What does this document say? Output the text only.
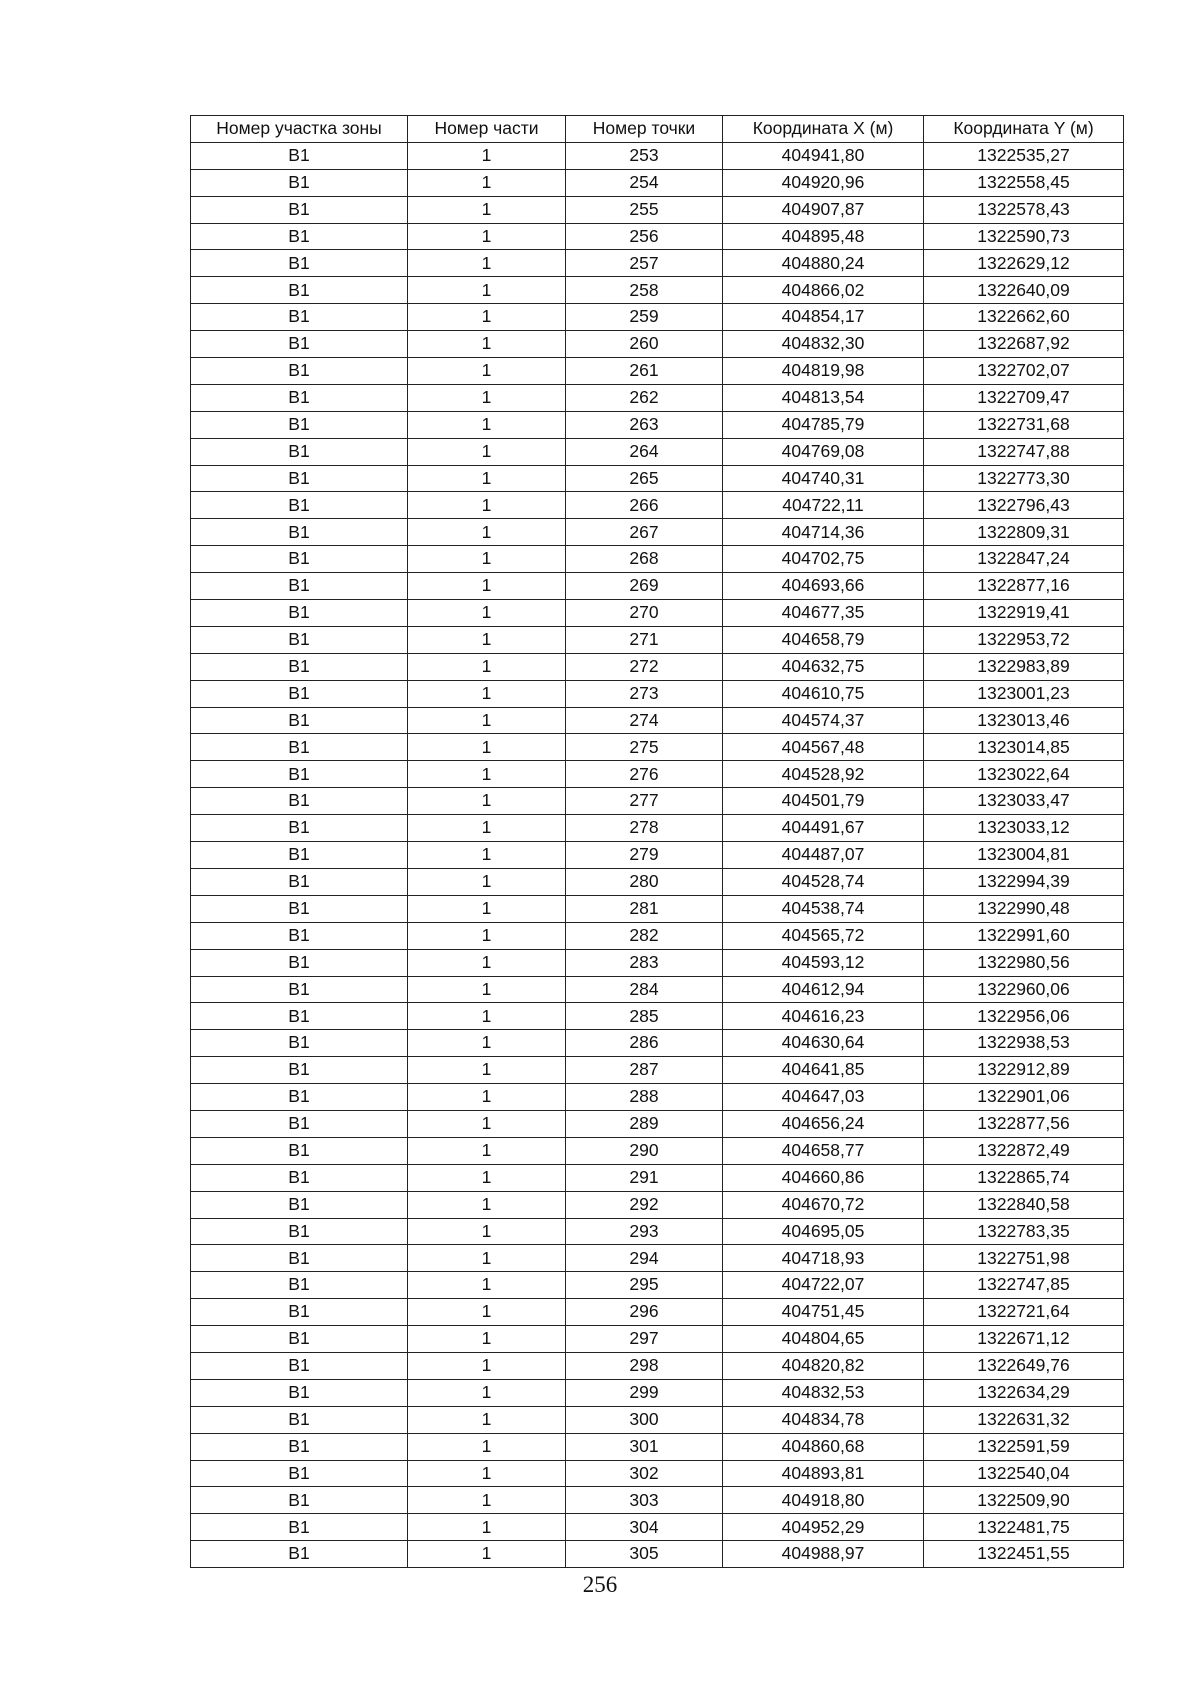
Номер участка зоны	Номер части	Номер точки	Координата X (м)	Координата Y (м)
В1	1	253	404941,80	1322535,27
В1	1	254	404920,96	1322558,45
В1	1	255	404907,87	1322578,43
В1	1	256	404895,48	1322590,73
В1	1	257	404880,24	1322629,12
В1	1	258	404866,02	1322640,09
В1	1	259	404854,17	1322662,60
В1	1	260	404832,30	1322687,92
В1	1	261	404819,98	1322702,07
В1	1	262	404813,54	1322709,47
В1	1	263	404785,79	1322731,68
В1	1	264	404769,08	1322747,88
В1	1	265	404740,31	1322773,30
В1	1	266	404722,11	1322796,43
В1	1	267	404714,36	1322809,31
В1	1	268	404702,75	1322847,24
В1	1	269	404693,66	1322877,16
В1	1	270	404677,35	1322919,41
В1	1	271	404658,79	1322953,72
В1	1	272	404632,75	1322983,89
В1	1	273	404610,75	1323001,23
В1	1	274	404574,37	1323013,46
В1	1	275	404567,48	1323014,85
В1	1	276	404528,92	1323022,64
В1	1	277	404501,79	1323033,47
В1	1	278	404491,67	1323033,12
В1	1	279	404487,07	1323004,81
В1	1	280	404528,74	1322994,39
В1	1	281	404538,74	1322990,48
В1	1	282	404565,72	1322991,60
В1	1	283	404593,12	1322980,56
В1	1	284	404612,94	1322960,06
В1	1	285	404616,23	1322956,06
В1	1	286	404630,64	1322938,53
В1	1	287	404641,85	1322912,89
В1	1	288	404647,03	1322901,06
В1	1	289	404656,24	1322877,56
В1	1	290	404658,77	1322872,49
В1	1	291	404660,86	1322865,74
В1	1	292	404670,72	1322840,58
В1	1	293	404695,05	1322783,35
В1	1	294	404718,93	1322751,98
В1	1	295	404722,07	1322747,85
В1	1	296	404751,45	1322721,64
В1	1	297	404804,65	1322671,12
В1	1	298	404820,82	1322649,76
В1	1	299	404832,53	1322634,29
В1	1	300	404834,78	1322631,32
В1	1	301	404860,68	1322591,59
В1	1	302	404893,81	1322540,04
В1	1	303	404918,80	1322509,90
В1	1	304	404952,29	1322481,75
В1	1	305	404988,97	1322451,55
256
